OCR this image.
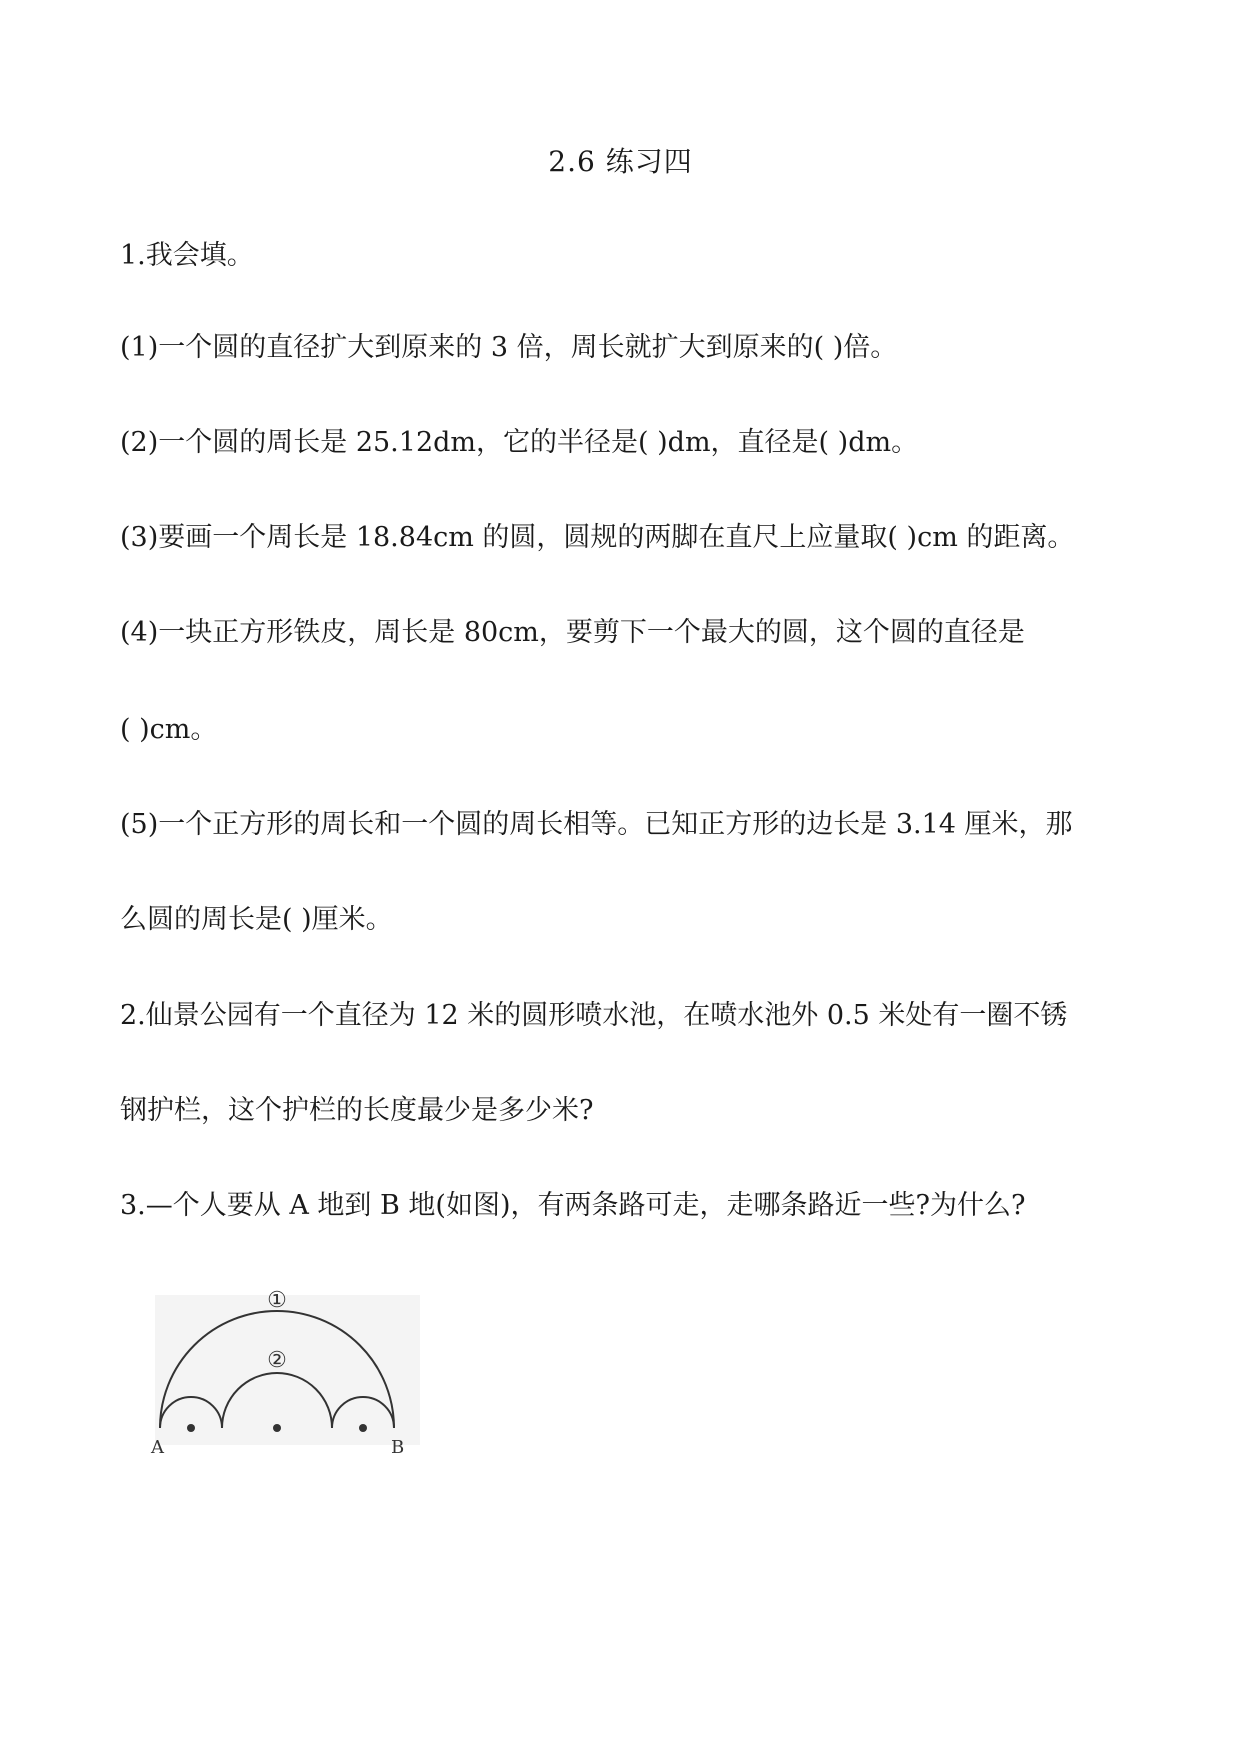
2.6 练习四
1.我会填。
(1)一个圆的直径扩大到原来的 3 倍，周长就扩大到原来的( )倍。
(2)一个圆的周长是 25.12dm，它的半径是( )dm，直径是( )dm。
(3)要画一个周长是 18.84cm 的圆，圆规的两脚在直尺上应量取( )cm 的距离。
(4)一块正方形铁皮，周长是 80cm，要剪下一个最大的圆，这个圆的直径是
( )cm。
(5)一个正方形的周长和一个圆的周长相等。已知正方形的边长是 3.14 厘米，那
么圆的周长是( )厘米。
2.仙景公园有一个直径为 12 米的圆形喷水池，在喷水池外 0.5 米处有一圈不锈
钢护栏，这个护栏的长度最少是多少米?
3.—个人要从 A 地到 B 地(如图)，有两条路可走，走哪条路近一些?为什么?
①
②
A	B
